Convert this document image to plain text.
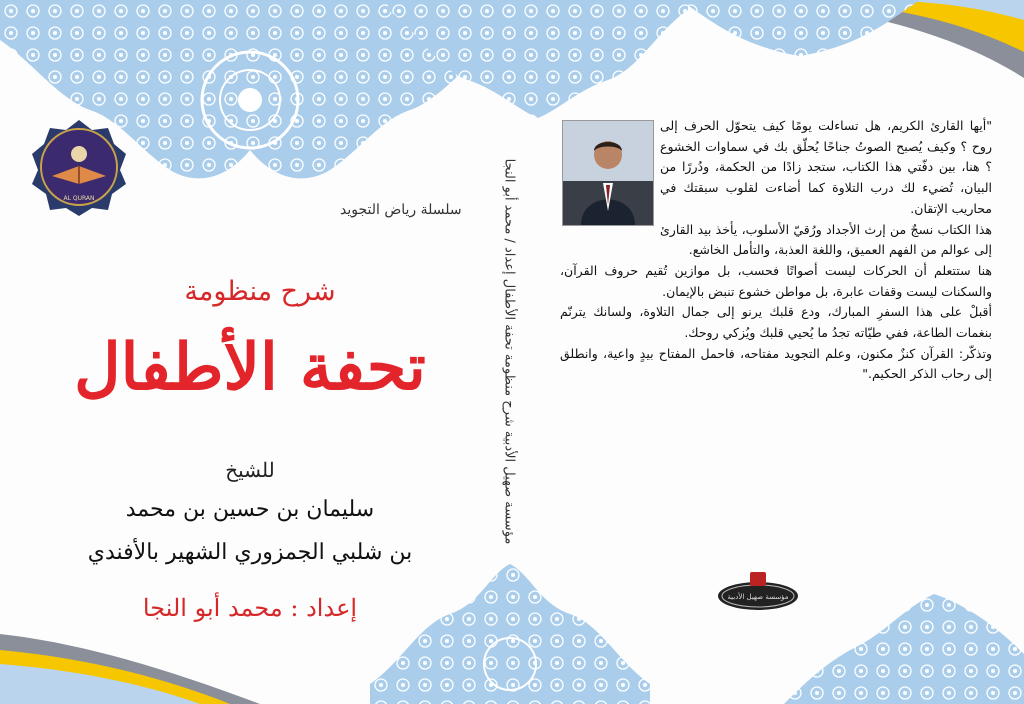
AL QURAN
سلسلة رياض التجويد
شرح منظومة
تحفة الأطفال
للشيخ
سليمان بن حسين بن محمد
بن شلبي الجمزوري الشهير بالأفندي
إعداد : محمد أبو النجا
مؤسسة صهيل الأدبية شرح منظومة تحفة الأطفال إعداد / محمد أبو النجا

"أيها القارئ الكريم، هل تساءلت يومًا كيف يتحوّل الحرف إلى روح ؟ وكيف يُصبح الصوتُ جناحًا يُحلّق بك في سماوات الخشوع ؟ هنا، بين دفّتي هذا الكتاب، ستجد زادًا من الحكمة، ودُررًا من البيان، تُضيء لك درب التلاوة كما أضاءت لقلوب سبقتك في محاريب الإتقان.

هذا الكتاب نسجٌ من إرث الأجداد ورُقيّ الأسلوب، يأخذ بيد القارئ إلى عوالم من الفهم العميق، واللغة العذبة، والتأمل الخاشع.

هنا ستتعلم أن الحركات ليست أصواتًا فحسب، بل موازين تُقيم حروف القرآن، والسكنات ليست وقفات عابرة، بل مواطن خشوع تنبض بالإيمان.

أقبلْ على هذا السفرِ المبارك، ودع قلبك يرنو إلى جمال التلاوة، ولسانك يترنّم بنغمات الطاعة، ففي طيّاته تجدُ ما يُحيي قلبك ويُزكي روحك.

وتذكّر: القرآن كنزٌ مكنون، وعلم التجويد مفتاحه، فاحمل المفتاح بيدٍ واعية، وانطلق إلى رحاب الذكر الحكيم."

مؤسسة صهيل الأدبية
